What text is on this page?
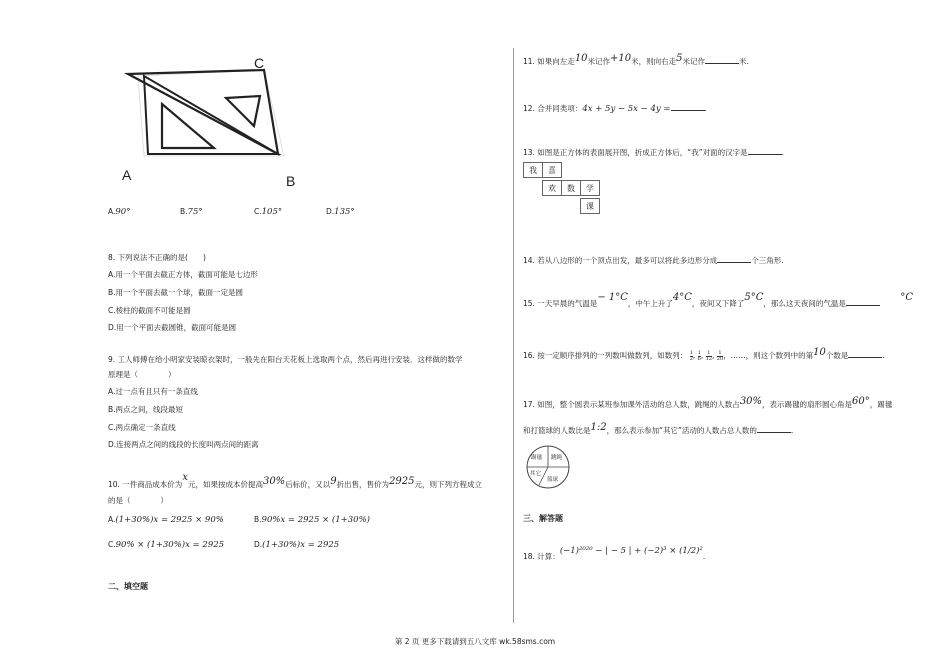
C
A	B
A.90°	B.75°	C.105°	D.135°
8. 下列说法不正确的是(　　)
A.用一个平面去截正方体，截面可能是七边形
B.用一个平面去截一个球，截面一定是圆
C.棱柱的截面不可能是圆
D.用一个平面去截圆锥，截面可能是圆
9. 工人师傅在给小明家安装晾衣架时，一般先在阳台天花板上选取两个点，然后再进行安装．这样做的数学
原理是（　　　　）
A.过一点有且只有一条直线
B.两点之间，线段最短
C.两点确定一条直线
D.连接两点之间的线段的长度叫两点间的距离
10. 一件商品成本价为x元，如果按成本价提高30%后标价，又以9折出售，售价为2925元，则下列方程成立
的是（　　　　）
A.(1+30%)x = 2925 × 90%	B.90%x = 2925 × (1+30%)
C.90% × (1+30%)x = 2925	D.(1+30%)x = 2925
二、填空题
11. 如果向左走10米记作+10米，则向右走5米记作	米.
12. 合并同类项：4x + 5y − 5x − 4y =	.
13. 如图是正方体的表面展开图，折成正方体后，“我”对面的汉字是	.
我	喜
欢	数	学
课
14. 若从八边形的一个顶点出发，最多可以将此多边形分成	个三角形.
15. 一天早晨的气温是− 1°C，中午上升了4°C，夜间又下降了5°C，那么这天夜间的气温是 °C
16. 按一定顺序排列的一列数叫做数列，如数列： $\frac{1}{2}$ , $\frac{1}{6}$ , $\frac{1}{12}$ , $\frac{1}{20}$ ，……，则这个数列中的第10个数是	.
17. 如图，整个圆表示某班参加课外活动的总人数，跳绳的人数占30%，表示踢毽的扇形圆心角是60°，踢毽
和打篮球的人数比是1:2，那么表示参加“其它”活动的人数占总人数的	.
踢毽 跳绳
其它
篮球
三、解答题
18. 计算：(−1)²⁰²⁰ − | − 5 | + (−2)³ × (1/2)².
第 2 页 更多下载请到五八文库 wk.58sms.com
